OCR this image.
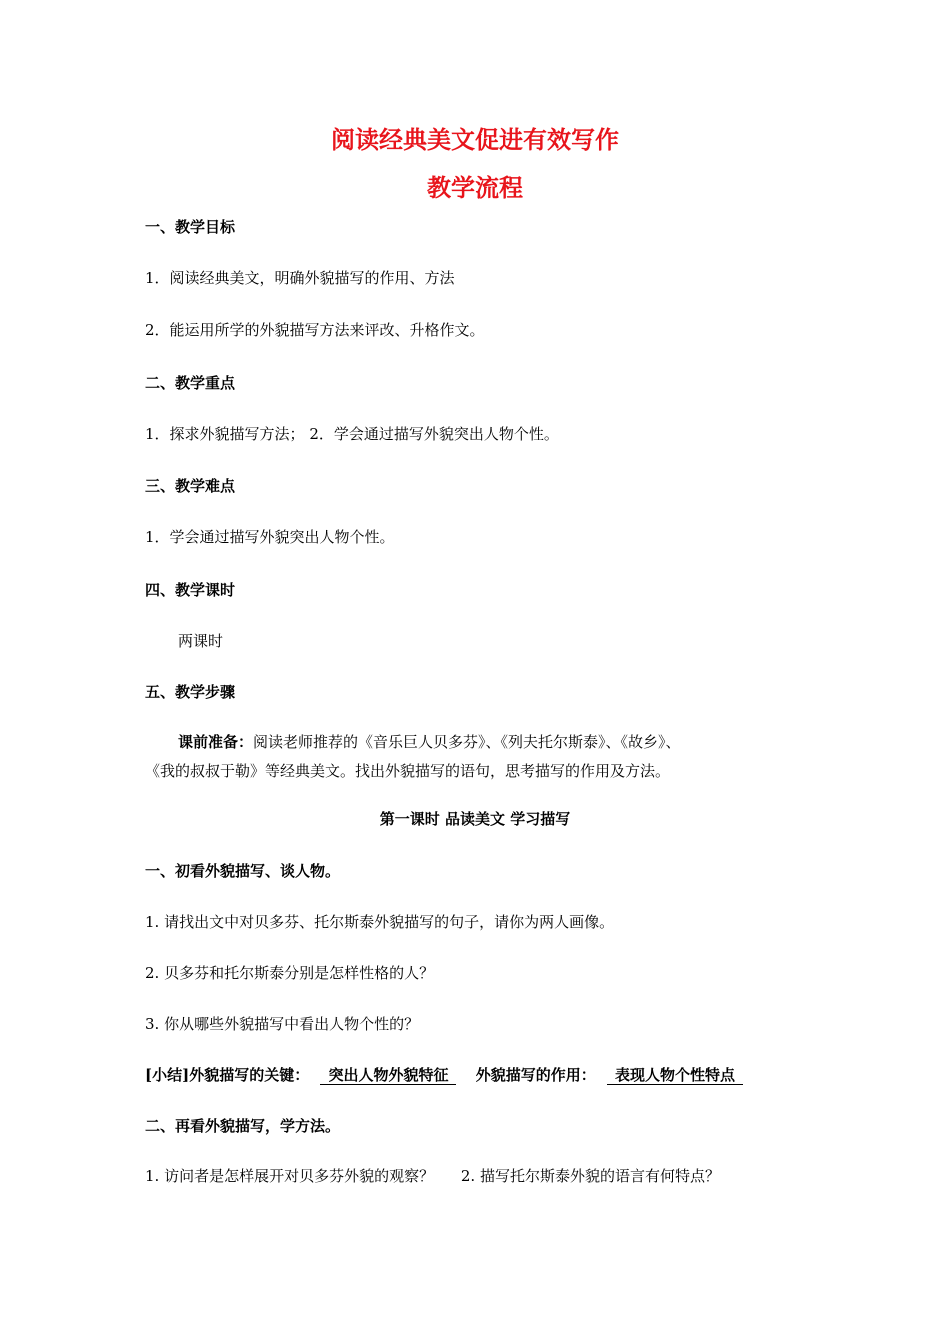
阅读经典美文促进有效写作
教学流程

一、教学目标

1．阅读经典美文，明确外貌描写的作用、方法

2．能运用所学的外貌描写方法来评改、升格作文。

二、教学重点

1．探求外貌描写方法； 2．学会通过描写外貌突出人物个性。

三、教学难点

1．学会通过描写外貌突出人物个性。

四、教学课时

两课时

五、教学步骤

课前准备：阅读老师推荐的《音乐巨人贝多芬》、《列夫托尔斯泰》、《故乡》、

《我的叔叔于勒》等经典美文。找出外貌描写的语句，思考描写的作用及方法。

第一课时 品读美文 学习描写

一、初看外貌描写、谈人物。

1. 请找出文中对贝多芬、托尔斯泰外貌描写的句子，请你为两人画像。

2. 贝多芬和托尔斯泰分别是怎样性格的人？

3. 你从哪些外貌描写中看出人物个性的？

[小结]外貌描写的关键： 突出人物外貌特征 外貌描写的作用： 表现人物个性特点

二、再看外貌描写，学方法。

1. 访问者是怎样展开对贝多芬外貌的观察？ 2. 描写托尔斯泰外貌的语言有何特点？
